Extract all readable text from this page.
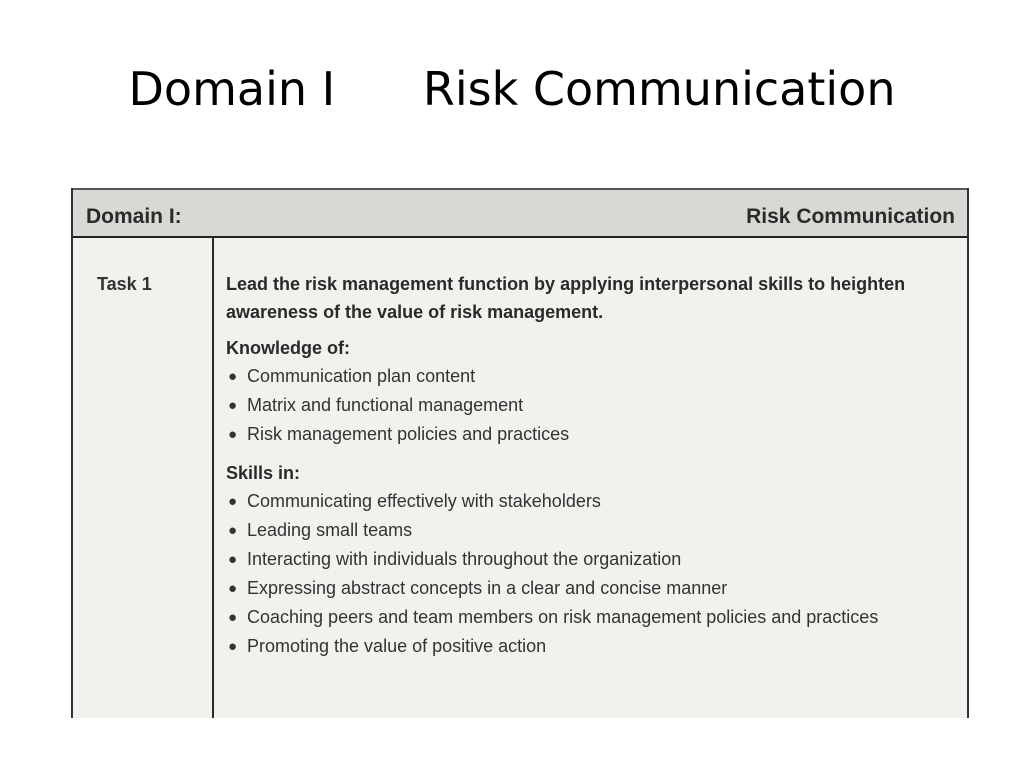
Domain I      Risk Communication
Domain I:	Risk Communication
Task 1	Lead the risk management function by applying interpersonal skills to heighten awareness of the value of risk management.

Knowledge of:

● Communication plan content
● Matrix and functional management
● Risk management policies and practices

Skills in:

● Communicating effectively with stakeholders
● Leading small teams
● Interacting with individuals throughout the organization
● Expressing abstract concepts in a clear and concise manner
● Coaching peers and team members on risk management policies and practices
● Promoting the value of positive action
